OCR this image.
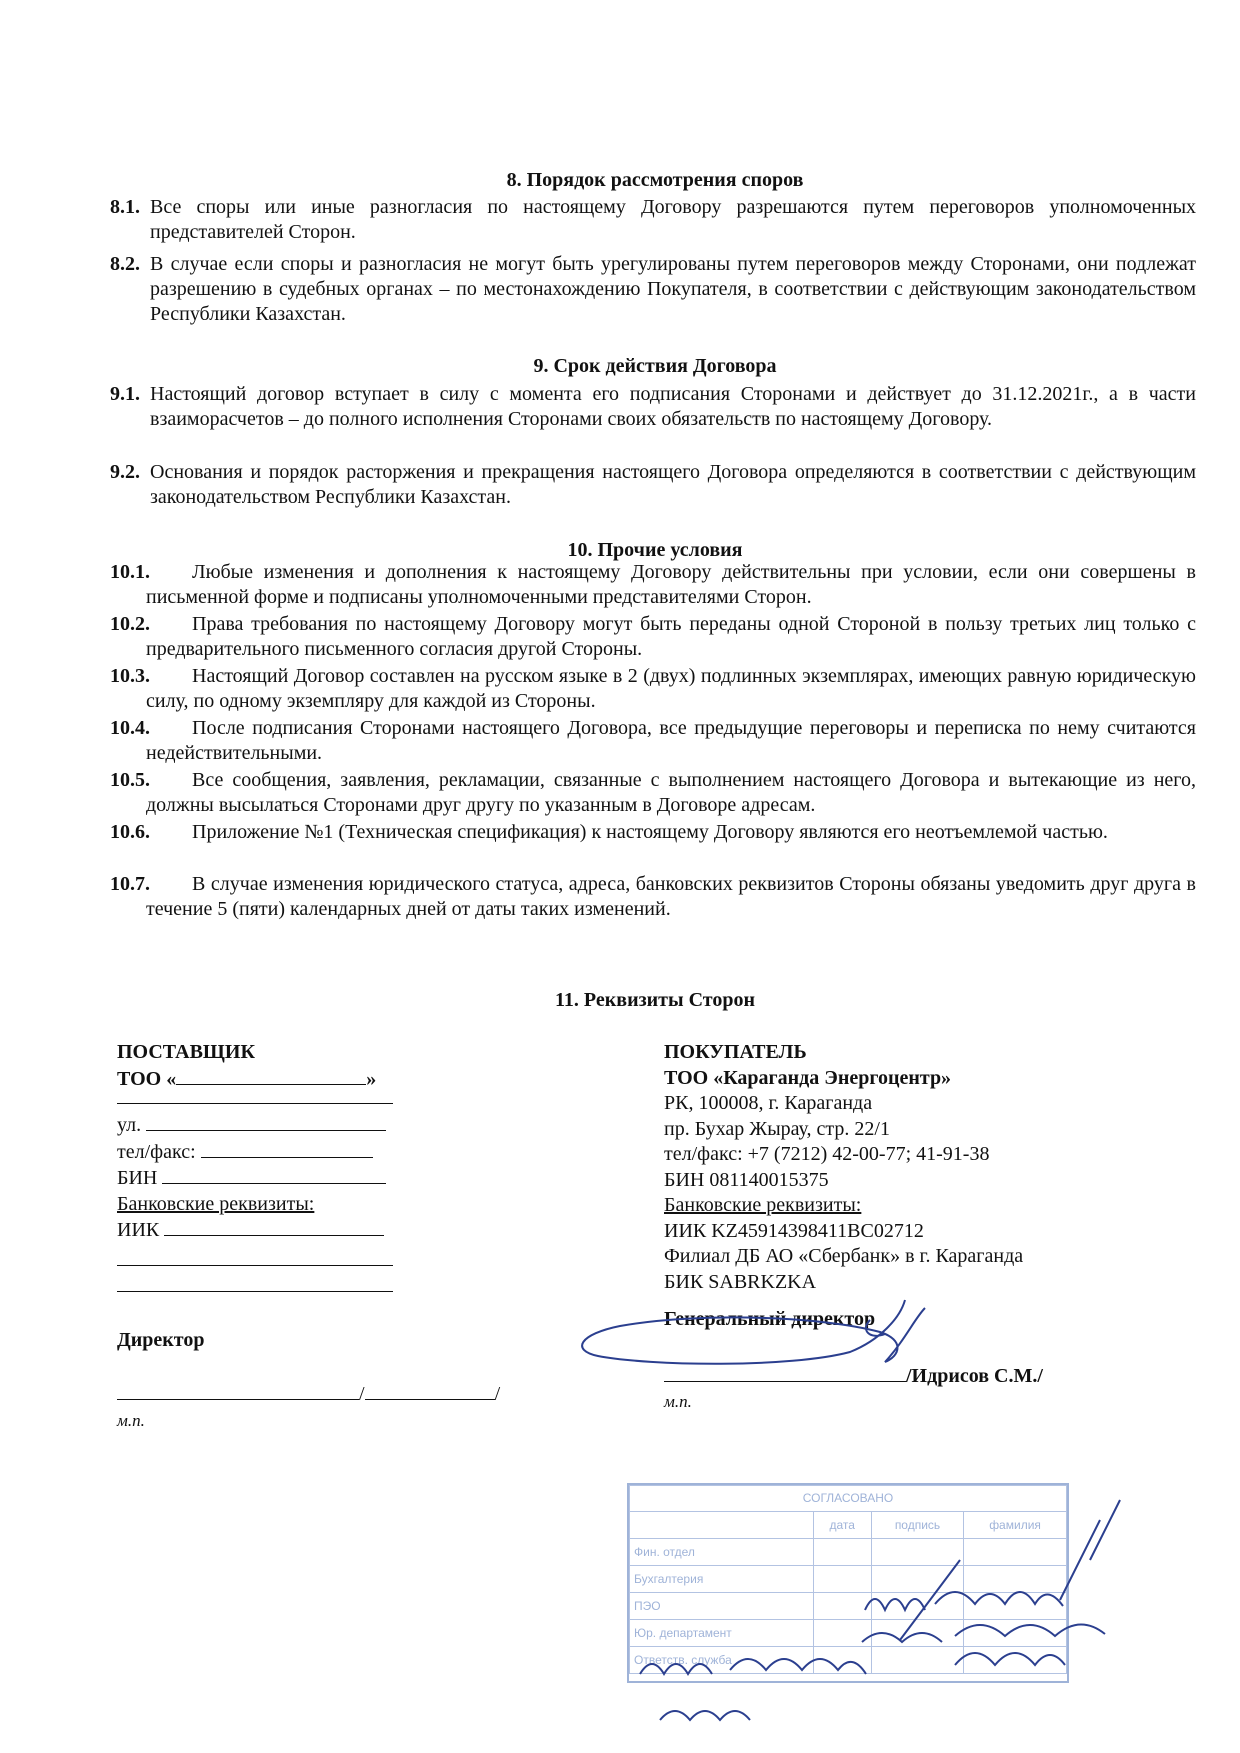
8. Порядок рассмотрения споров
8.1. Все споры или иные разногласия по настоящему Договору разрешаются путем переговоров уполномоченных представителей Сторон.
8.2. В случае если споры и разногласия не могут быть урегулированы путем переговоров между Сторонами, они подлежат разрешению в судебных органах – по местонахождению Покупателя, в соответствии с действующим законодательством Республики Казахстан.
9. Срок действия Договора
9.1. Настоящий договор вступает в силу с момента его подписания Сторонами и действует до 31.12.2021г., а в части взаиморасчетов – до полного исполнения Сторонами своих обязательств по настоящему Договору.
9.2. Основания и порядок расторжения и прекращения настоящего Договора определяются в соответствии с действующим законодательством Республики Казахстан.
10. Прочие условия
10.1.	Любые изменения и дополнения к настоящему Договору действительны при условии, если они совершены в письменной форме и подписаны уполномоченными представителями Сторон.
10.2.	Права требования по настоящему Договору могут быть переданы одной Стороной в пользу третьих лиц только с предварительного письменного согласия другой Стороны.
10.3.	Настоящий Договор составлен на русском языке в 2 (двух) подлинных экземплярах, имеющих равную юридическую силу, по одному экземпляру для каждой из Стороны.
10.4.	После подписания Сторонами настоящего Договора, все предыдущие переговоры и переписка по нему считаются недействительными.
10.5.	Все сообщения, заявления, рекламации, связанные с выполнением настоящего Договора и вытекающие из него, должны высылаться Сторонами друг другу по указанным в Договоре адресам.
10.6.	Приложение №1 (Техническая спецификация) к настоящему Договору являются его неотъемлемой частью.
10.7.	В случае изменения юридического статуса, адреса, банковских реквизитов Стороны обязаны уведомить друг друга в течение 5 (пяти) календарных дней от даты таких изменений.
11. Реквизиты Сторон
ПОСТАВЩИК
ТОО «	»
ул.
тел/факс:
БИН
Банковские реквизиты:
ИИК
Директор
/	/
м.п.
ПОКУПАТЕЛЬ
ТОО «Караганда Энергоцентр»
РК, 100008, г. Караганда
пр. Бухар Жырау, стр. 22/1
тел/факс: +7 (7212) 42-00-77; 41-91-38
БИН 081140015375
Банковские реквизиты:
ИИК KZ45914398411BC02712
Филиал ДБ АО «Сбербанк» в г. Караганда
БИК SABRKZKA
Генеральный директор
/Идрисов С.М./
м.п.
СОГЛАСОВАНО			
	дата	подпись	фамилия
Фин. отдел			
Бухгалтерия			
ПЭО			
Юр. департамент			
Ответств. служба			
